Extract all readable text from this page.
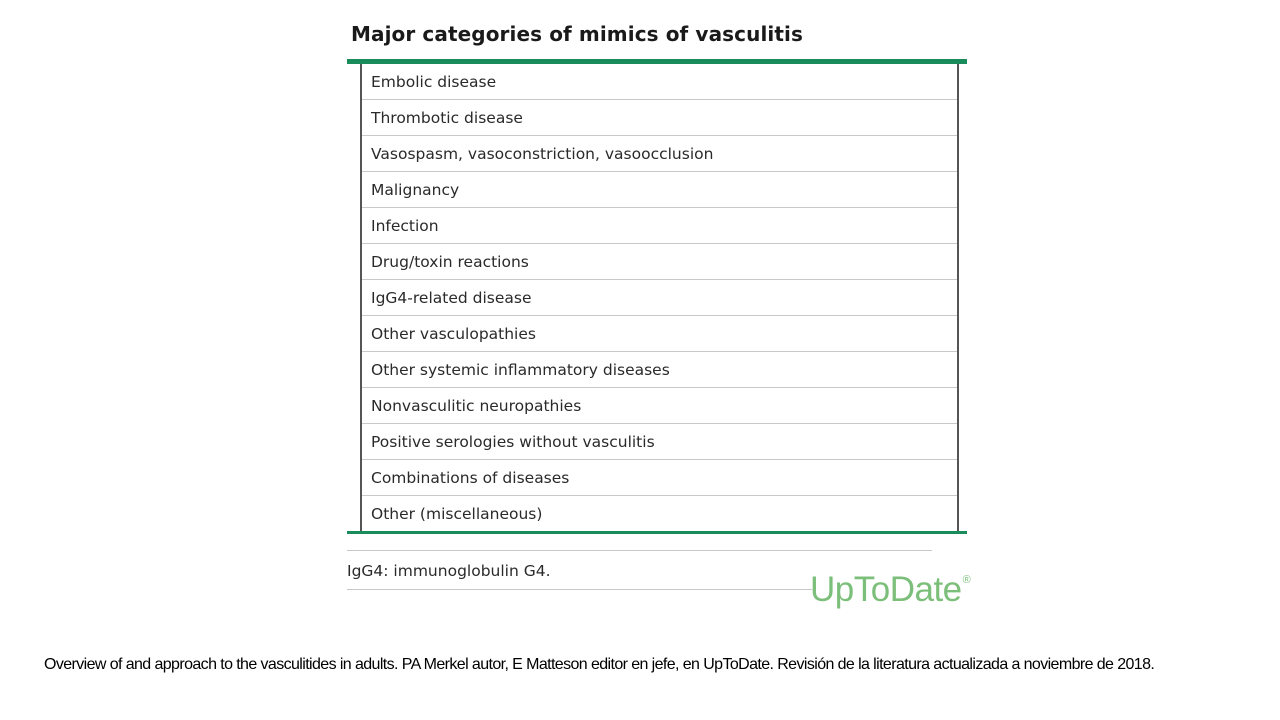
Major categories of mimics of vasculitis
Embolic disease
Thrombotic disease
Vasospasm, vasoconstriction, vasoocclusion
Malignancy
Infection
Drug/toxin reactions
IgG4-related disease
Other vasculopathies
Other systemic inflammatory diseases
Nonvasculitic neuropathies
Positive serologies without vasculitis
Combinations of diseases
Other (miscellaneous)
IgG4: immunoglobulin G4.	UpToDate®
Overview of and approach to the vasculitides in adults. PA Merkel autor, E Matteson editor en jefe, en UpToDate. Revisión de la literatura actualizada a noviembre de 2018.
